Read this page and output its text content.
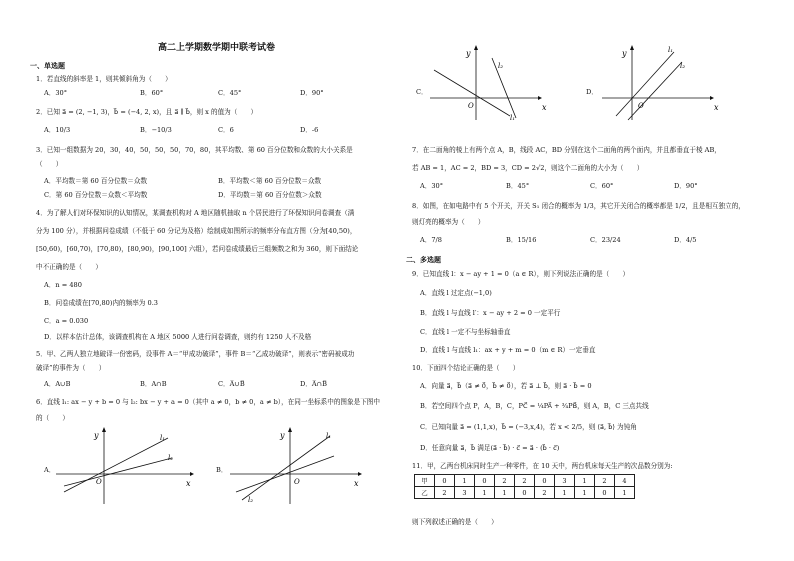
高二上学期数学期中联考试卷
一、单选题
1．若直线的斜率是 1，则其倾斜角为（　　）
A．30°	B．60°	C．45°	D．90°
2．已知 a⃗ = (2, −1, 3)，b⃗ = (−4, 2, x)，且 a⃗ ∥ b⃗，则 x 的值为（　　）
A．10/3	B．−10/3	C．6	D．-6
3．已知一组数据为 20，30，40，50，50，50，70，80，其平均数、第 60 百分位数和众数的大小关系是
（　　）
A．平均数＝第 60 百分位数＝众数	B．平均数＜第 60 百分位数＝众数
C．第 60 百分位数＝众数＜平均数	D．平均数＝第 60 百分位数＞众数
4．为了解人们对环保知识的认知情况，某调查机构对 A 地区随机抽取 n 个居民进行了环保知识问卷调查（满
分为 100 分），并根据问卷成绩（不低于 60 分记为及格）绘制成如图所示的频率分布直方图（分为[40,50)，
[50,60)，[60,70)，[70,80)，[80,90)，[90,100] 六组），若问卷成绩最后三组频数之和为 360，则下面结论
中不正确的是（　　）
A．n = 480
B．问卷成绩在[70,80)内的频率为 0.3
C．a = 0.030
D．以样本估计总体，该调查机构在 A 地区 5000 人进行问卷调查，则约有 1250 人不及格
5．甲、乙两人独立地破译一份密码，设事件 A＝“甲成功破译”，事件 B＝“乙成功破译”，则表示“密码被成功
破译”的事件为（　　）
A．A∪B	B．A∩B	C．A̅∪B̅	D．A̅∩B̅
6．直线 l₁: ax − y + b = 0 与 l₂: bx − y + a = 0（其中 a ≠ 0，b ≠ 0，a ≠ b），在同一坐标系中的图象是下图中
的（　　）
A．
y
x
O
l₁
l₂
B．
y
x
O
l₁
l₂
C．
y
x
O
l₂
l₁
D．
y
x
O
l₁
l₂
7．在二面角的棱上有两个点 A，B，线段 AC，BD 分别在这个二面角的两个面内，并且都垂直于棱 AB，
若 AB = 1，AC = 2，BD = 3，CD = 2√2，则这个二面角的大小为（　　）
A．30°	B．45°	C．60°	D．90°
8．如图，在如电路中有 5 个开关，开关 S₁ 闭合的概率为 1/3，其它开关闭合的概率都是 1/2，且是相互独立的，
则灯亮的概率为（　　）
A．7/8	B．15/16	C．23/24	D．4/5
二、多选题
9．已知直线 l：x − ay + 1 = 0（a ∈ R），则下列说法正确的是（　　）
A．直线 l 过定点(−1,0)
B．直线 l 与直线 l′：x − ay + 2 = 0 一定平行
C．直线 l 一定不与坐标轴垂直
D．直线 l 与直线 l₁：ax + y + m = 0（m ∈ R）一定垂直
10．下面四个结论正确的是（　　）
A．向量 a⃗，b⃗（a⃗ ≠ 0⃗，b⃗ ≠ 0⃗），若 a⃗ ⊥ b⃗，则 a⃗ · b⃗ = 0
B．若空间四个点 P，A，B，C，PC⃗ = ¼PA⃗ + ¾PB⃗，则 A，B，C 三点共线
C．已知向量 a⃗ = (1,1,x)，b⃗ = (−3,x,4)，若 x < 2/5，则 ⟨a⃗, b⃗⟩ 为钝角
D．任意向量 a⃗，b⃗ 满足(a⃗ · b⃗) · c⃗ = a⃗ · (b⃗ · c⃗)
11．甲，乙两台机床同时生产一种零件，在 10 天中，两台机床每天生产的次品数分别为:
甲	0	1	0	2	2	0	3	1	2	4
乙	2	3	1	1	0	2	1	1	0	1
则下列叙述正确的是（　　）
